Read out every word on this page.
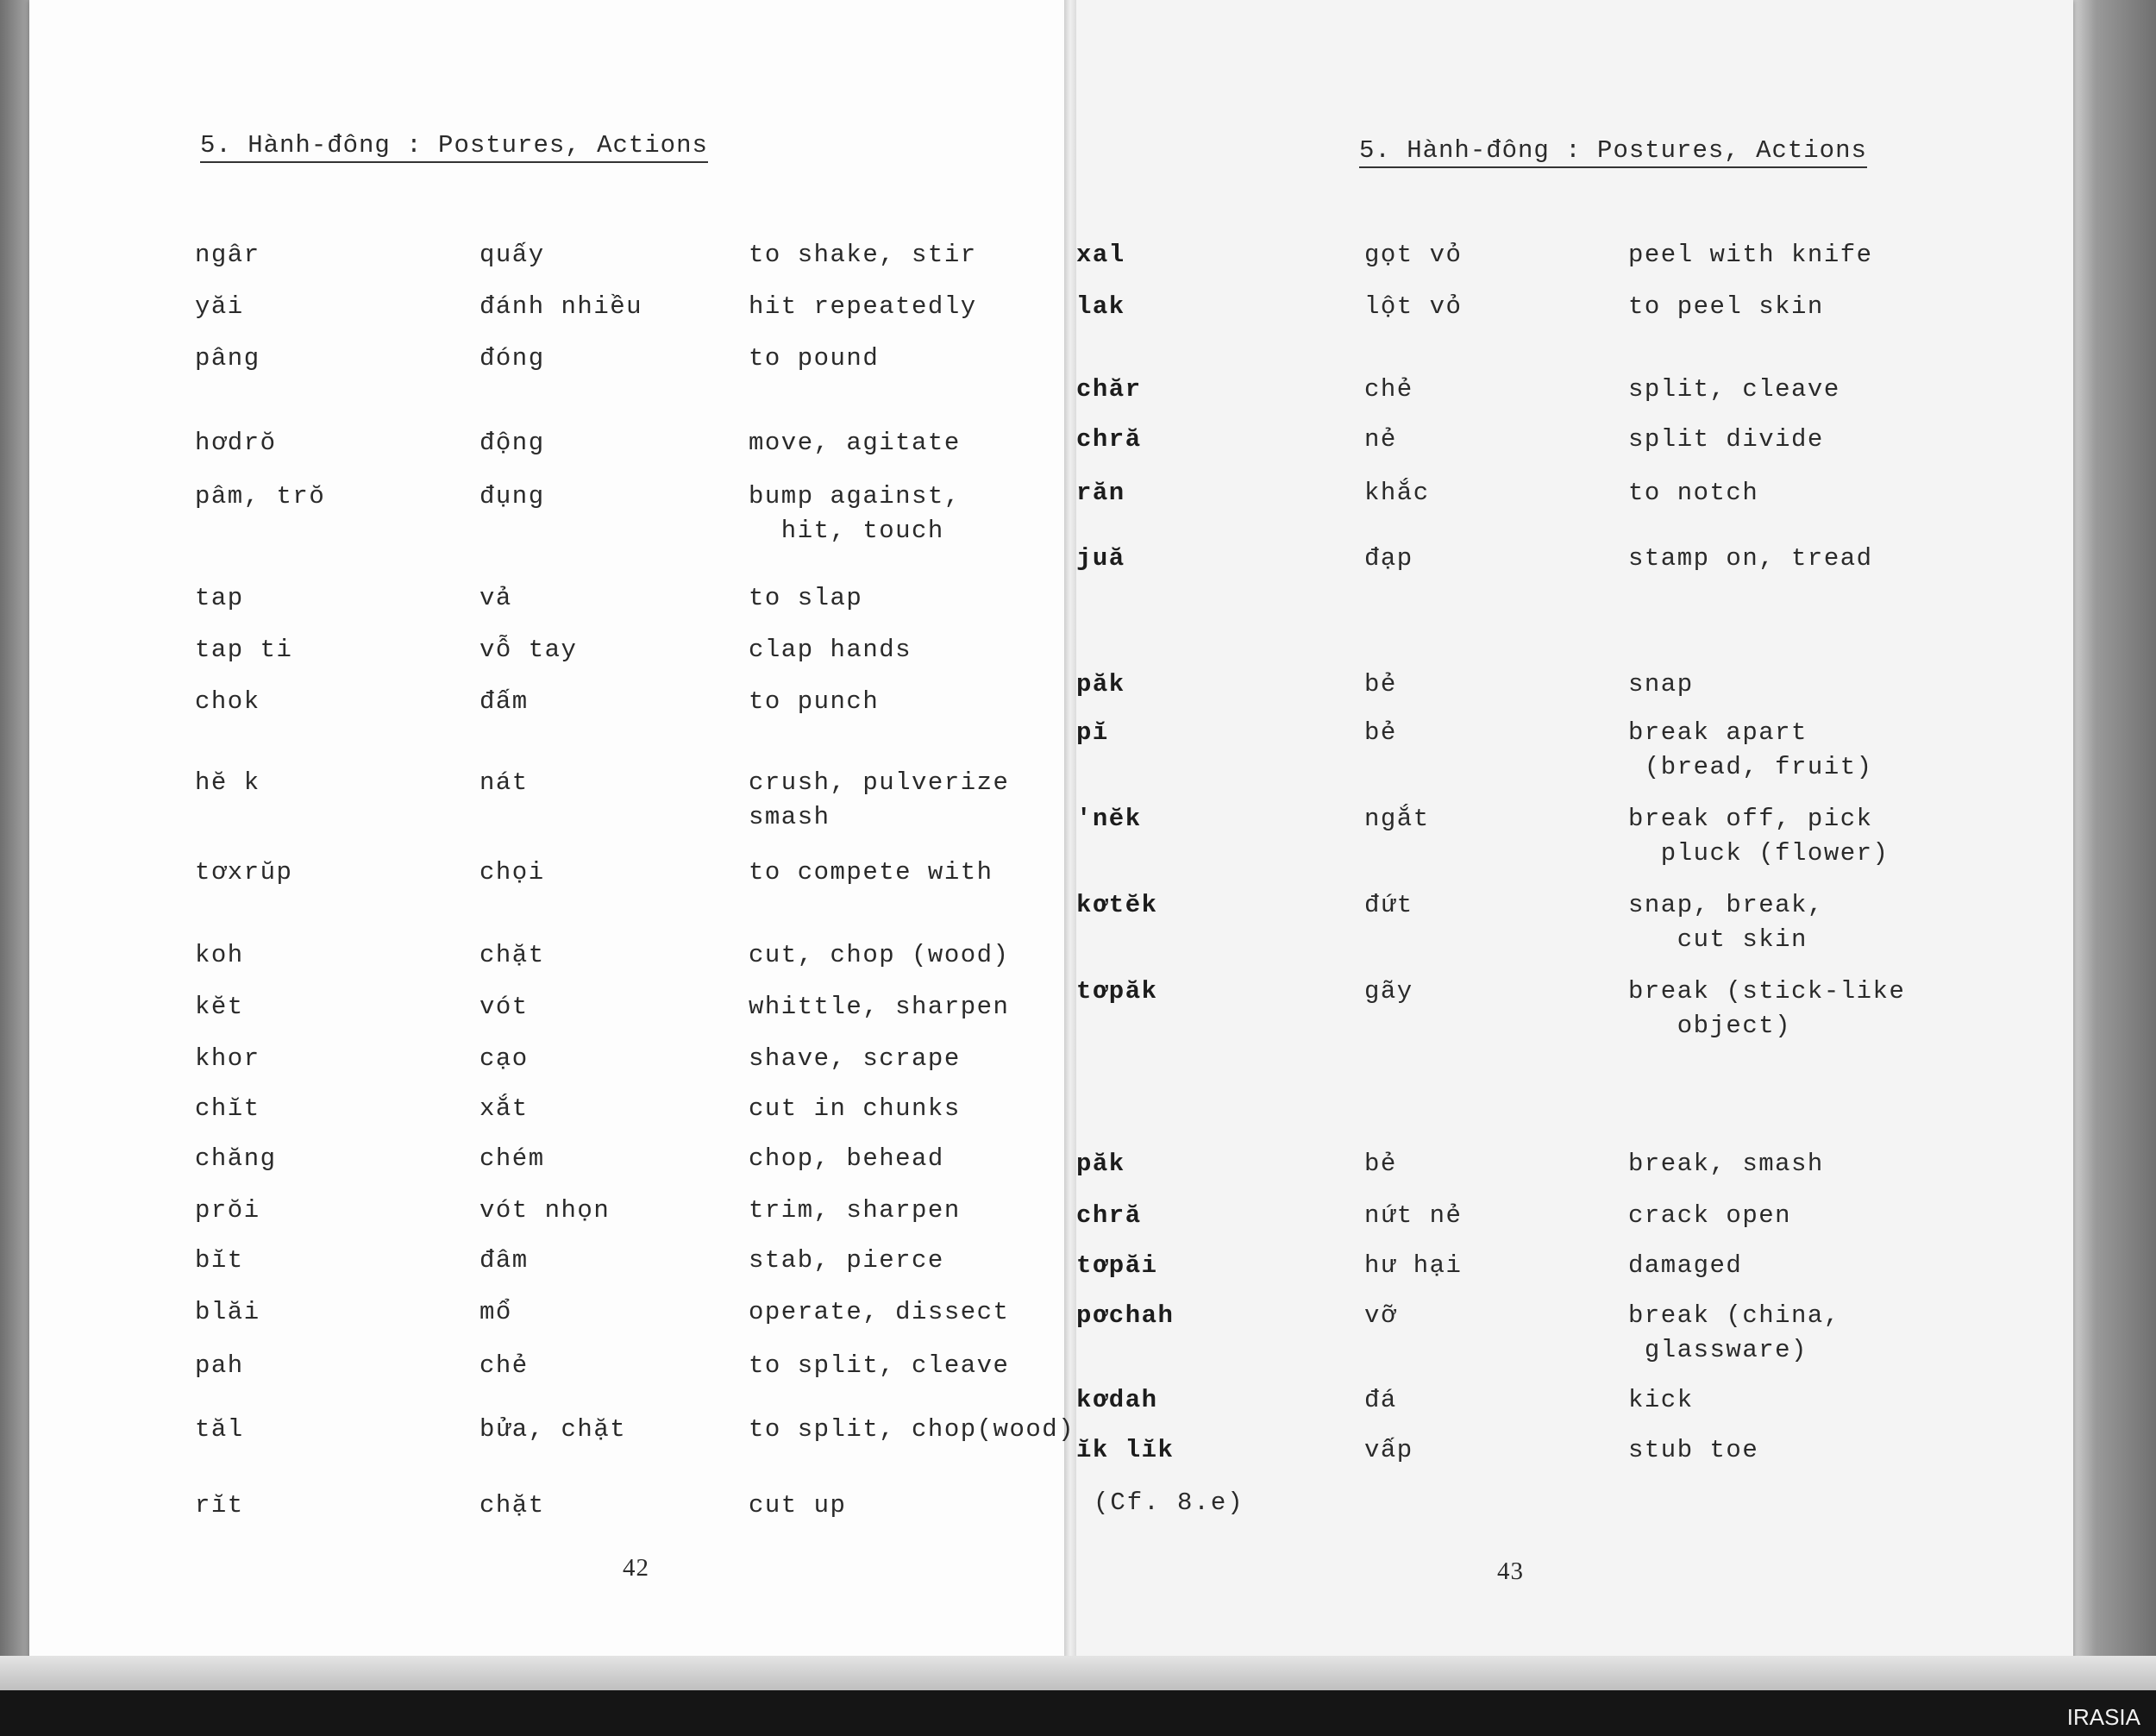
5. Hành-đông : Postures, Actions	5. Hành-đông : Postures, Actions
ngâr	quấy	to shake, stir
yăi	đánh nhiều	hit repeatedly
pâng	đóng	to pound
hơdrŏ	động	move, agitate
pâm, trŏ	đụng	bump against,
hit, touch
tap	vả	to slap
tap ti	vỗ tay	clap hands
chok	đấm	to punch
hĕ k	nát	crush, pulverize
smash
tơxrŭp	chọi	to compete with
koh	chặt	cut, chop (wood)
kĕt	vót	whittle, sharpen
khor	cạo	shave, scrape
chĭt	xắt	cut in chunks
chăng	chém	chop, behead
prŏi	vót nhọn	trim, sharpen
bĭt	đâm	stab, pierce
blăi	mổ	operate, dissect
pah	chẻ	to split, cleave
tăl	bửa, chặt	to split, chop(wood)
rĭt	chặt	cut up
xal	gọt vỏ	peel with knife
lak	lột vỏ	to peel skin
chăr	chẻ	split, cleave
chră	nẻ	split divide
răn	khắc	to notch
juă	đạp	stamp on, tread
păk	bẻ	snap
pĭ	bẻ	break apart
(bread, fruit)
'nĕk	ngắt	break off, pick
pluck (flower)
kơtĕk	đứt	snap, break,
cut skin
tơpăk	gãy	break (stick-like
object)
păk	bẻ	break, smash
chră	nứt nẻ	crack open
tơpăi	hư hại	damaged
pơchah	vỡ	break (china,
glassware)
kơdah	đá	kick
ĭk lĭk	vấp	stub toe
42	43
(Cf. 8.e)
IRASIA
